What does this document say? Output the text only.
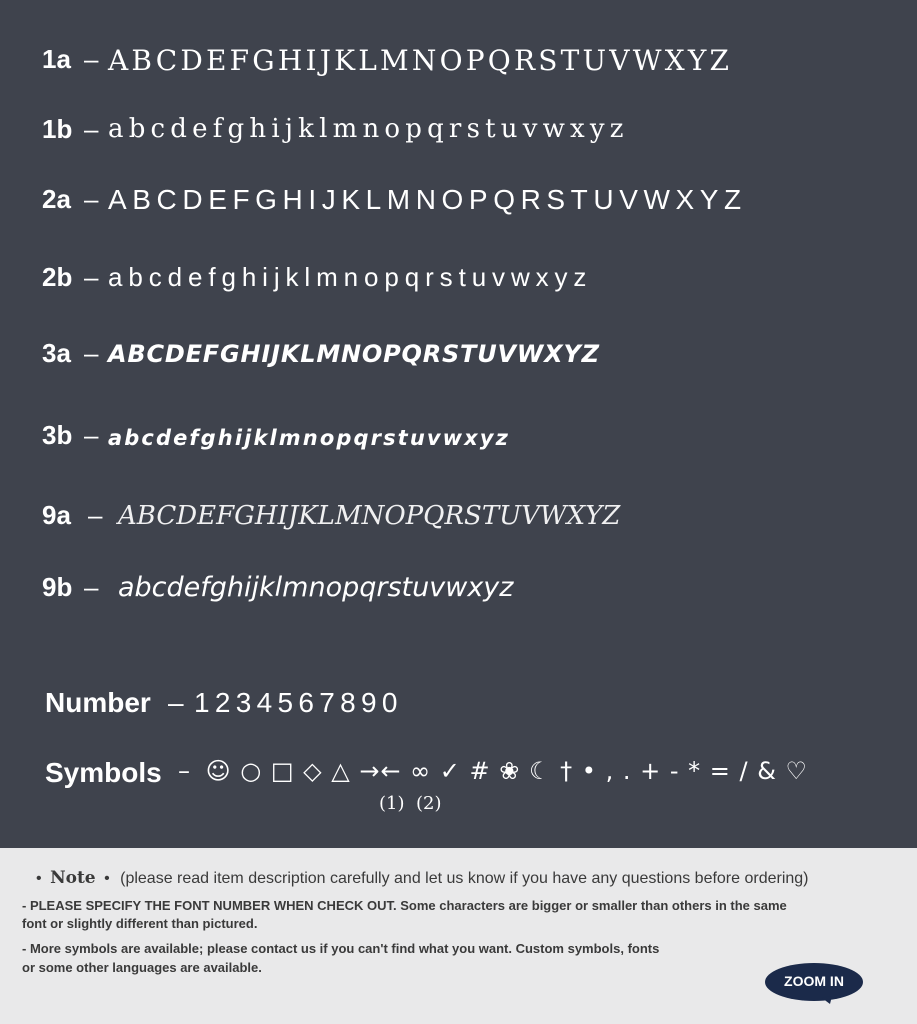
1a – ABCDEFGHIJKLMNOPQRSTUVWXYZ
1b – abcdefghijklmnopqrstuvwxyz
2a – ABCDEFGHIJKLMNOPQRSTUVWXYZ
2b – abcdefghijklmnopqrstuvwxyz
3a – ABCDEFGHIJKLMNOPQRSTUVWXYZ
3b – abcdefghijklmnopqrstuvwxyz
9a – ABCDEFGHIJKLMNOPQRSTUVWXYZ
9b – abcdefghijklmnopqrstuvwxyz
Number – 1234567890
Symbols – ☺ ○ □ ◇ △ →← ∞ ✓ # ❀ ☾ † • , . + - * = / & ♡
(1) (2)
• Note • (please read item description carefully and let us know if you have any questions before ordering)
- PLEASE SPECIFY THE FONT NUMBER WHEN CHECK OUT. Some characters are bigger or smaller than others in the same
font or slightly different than pictured.
- More symbols are available; please contact us if you can't find what you want. Custom symbols, fonts
or some other languages are available.
ZOOM IN
